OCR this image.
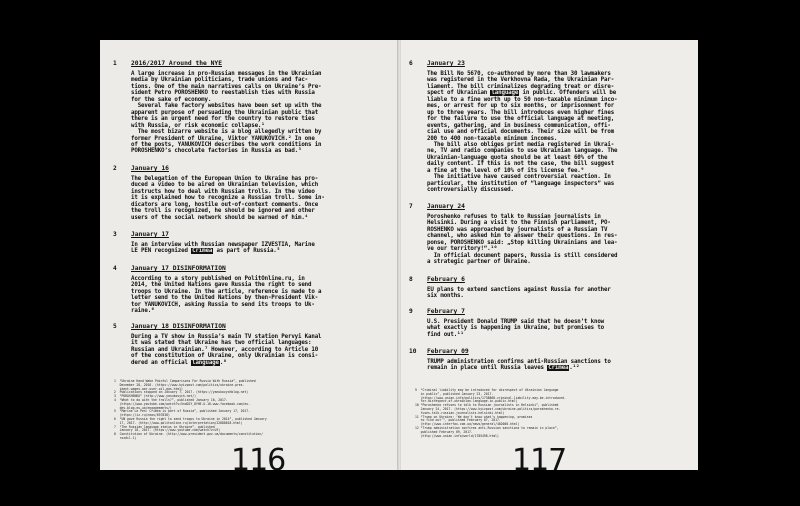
1 2016/2017 Around the NYE
A large increase in pro-Russian messages in the Ukrainian
media by Ukrainian politicians, trade unions and fac-
tions. One of the main narratives calls on Ukraine’s Pre-
sident Petro POROSHENKO to reestablish ties with Russia
for the sake of economy.
Several fake factory websites have been set up with the
apparent purpose of persuading the Ukrainian public that
there is an urgent need for the country to restore ties
with Russia, or risk economic collapse.¹
The most bizarre website is a blog allegedly written by
former President of Ukraine, Viktor YANUKOVICH.² In one
of the posts, YANUKOVICH describes the work conditions in
POROSHENKO’s chocolate factories in Russia as bad.³
2 January 16
The Delegation of the European Union to Ukraine has pro-
duced a video to be aired on Ukrainian television, which
instructs how to deal with Russian trolls. In the video
it is explained how to recognize a Russian troll. Some in-
dicators are long, hostile out-of-context comments. Once
the troll is recognized, he should be ignored and other
users of the social network should be warned of him.⁴
3 January 17
In an interview with Russian newspaper IZVESTIA, Marine
LE PEN recognized Crimea as part of Russia.⁵
4 January 17 DISINFORMATION
According to a story published on PolitOnline.ru, in
2014, the United Nations gave Russia the right to send
troops to Ukraine. In the article, reference is made to a
letter send to the United Nations by then-President Vik-
tor YANUKOVICH, asking Russia to send its troops to Uk-
raine.⁶
5 January 18 DISINFORMATION
During a TV show in Russia’s main TV station Pervyi Kanal
it was stated that Ukraine has two official languages:
Russian and Ukrainian.⁷ However, according to Article 10
of the constitution of Ukraine, only Ukrainian is consi-
dered an official language.⁸
1  “Ukraine Hand Wake Painful Comparisons For Russia With Russia”, published
December 28, 2016. (https://www.kyivpost.com/politics/ukraine-pres-
ident-wages-war-over-oil-gas.html)
2  Publications stopped on January 7, 2017. (https://yanukovychblog.net)
3  “POROSHENKO” (http://www.yanukovych.net/)
4  “What to do with the trolls?”, published January 16, 2017.
(https://www.youtube.com/watch?v=5ndO2Y_8YHE-U-10-www.facebook.com/eu.
dev.blog.eu.ua/engagements/)
5  “Marine Le Pen: Crimea is part of Russia”, published January 17, 2017.
(https://iz.ru/news/657838)
6  “UN gave Russia the right to send troops to Ukraine in 2014”, published January
17, 2017. (http://www.politonline.ru/interpretation/22888818.html)
7  “The Russian language status in Ukraine”, published
January 18, 2017. (https://www.youtube.com/watch?v=Uf)
8  Constitution of Ukraine. (http://www.president.gov.ua/documents/constitution/
rozdil-1)
116
6 January 23
The Bill No 5670, co-authored by more than 30 lawmakers
was registered in the Verkhovna Rada, the Ukrainian Par-
liament. The bill criminalizes degrading treat or disre-
spect of Ukrainian language in public. Offenders will be
liable to a fine worth up to 50 non-taxable minimum inco-
mes, or arrest for up to six months, or imprisonment for
up to three years. The bill introduces even higher fines
for the failure to use the official language at meeting,
events, gathering, and in business communication, offi-
cial use and official documents. Their size will be from
200 to 400 non-taxable minimum incomes.
The bill also obliges print media registered in Ukrai-
ne, TV and radio companies to use Ukrainian language. The
Ukrainian-language quota should be at least 60% of the
daily content. If this is not the case, the bill suggest
a fine at the level of 10% of its license fee.⁹
The initiative have caused controversial reaction. In
particular, the institution of “language inspectors” was
controversially discussed.
7 January 24
Poroshenko refuses to talk to Russian journalists in
Helsinki. During a visit to the Finnish parliament, PO-
ROSHENKO was approached by journalists of a Russian TV
channel, who asked him to answer their questions. In res-
ponse, POROSHENKO said: „Stop killing Ukrainians and lea-
ve our territory!“.¹⁰
In official document papers, Russia is still considered
a strategic partner of Ukraine.
8 February 6
EU plans to extend sanctions against Russia for another
six months.
9 February 7
U.S. President Donald TRUMP said that he doesn’t know
what exactly is happening in Ukraine, but promises to
find out.¹¹
10 February 09
TRUMP administration confirms anti-Russian sanctions to
remain in place until Russia leaves Crimea.¹²
9  “Criminal liability may be introduced for disrespect of Ukrainian language
in public”, published January 23, 2017.
(https://www.unian.info/politics/1738868-criminal-liability-may-be-introduced-
for-disrespect-of-ukrainian-language-in-public.html)
10 “Poroshenko refuses to talk to Russian journalists in Helsinki”, published
January 24, 2017. (https://www.kyivpost.com/ukraine-politics/poroshenko-re-
fuses-talk-russian-journalists-helsinki.html)
11 “Trump on Ukraine: ‘We don’t know what’s happening, promises
to find out’”, published February 07, 2017.
(http://www.interfax.com.ua/news/general/402000.html)
12 “Trump administration confirms anti-Russian sanctions to remain in place”,
published February 09, 2017.
(http://www.unian.info/world/1785498.html)
117
